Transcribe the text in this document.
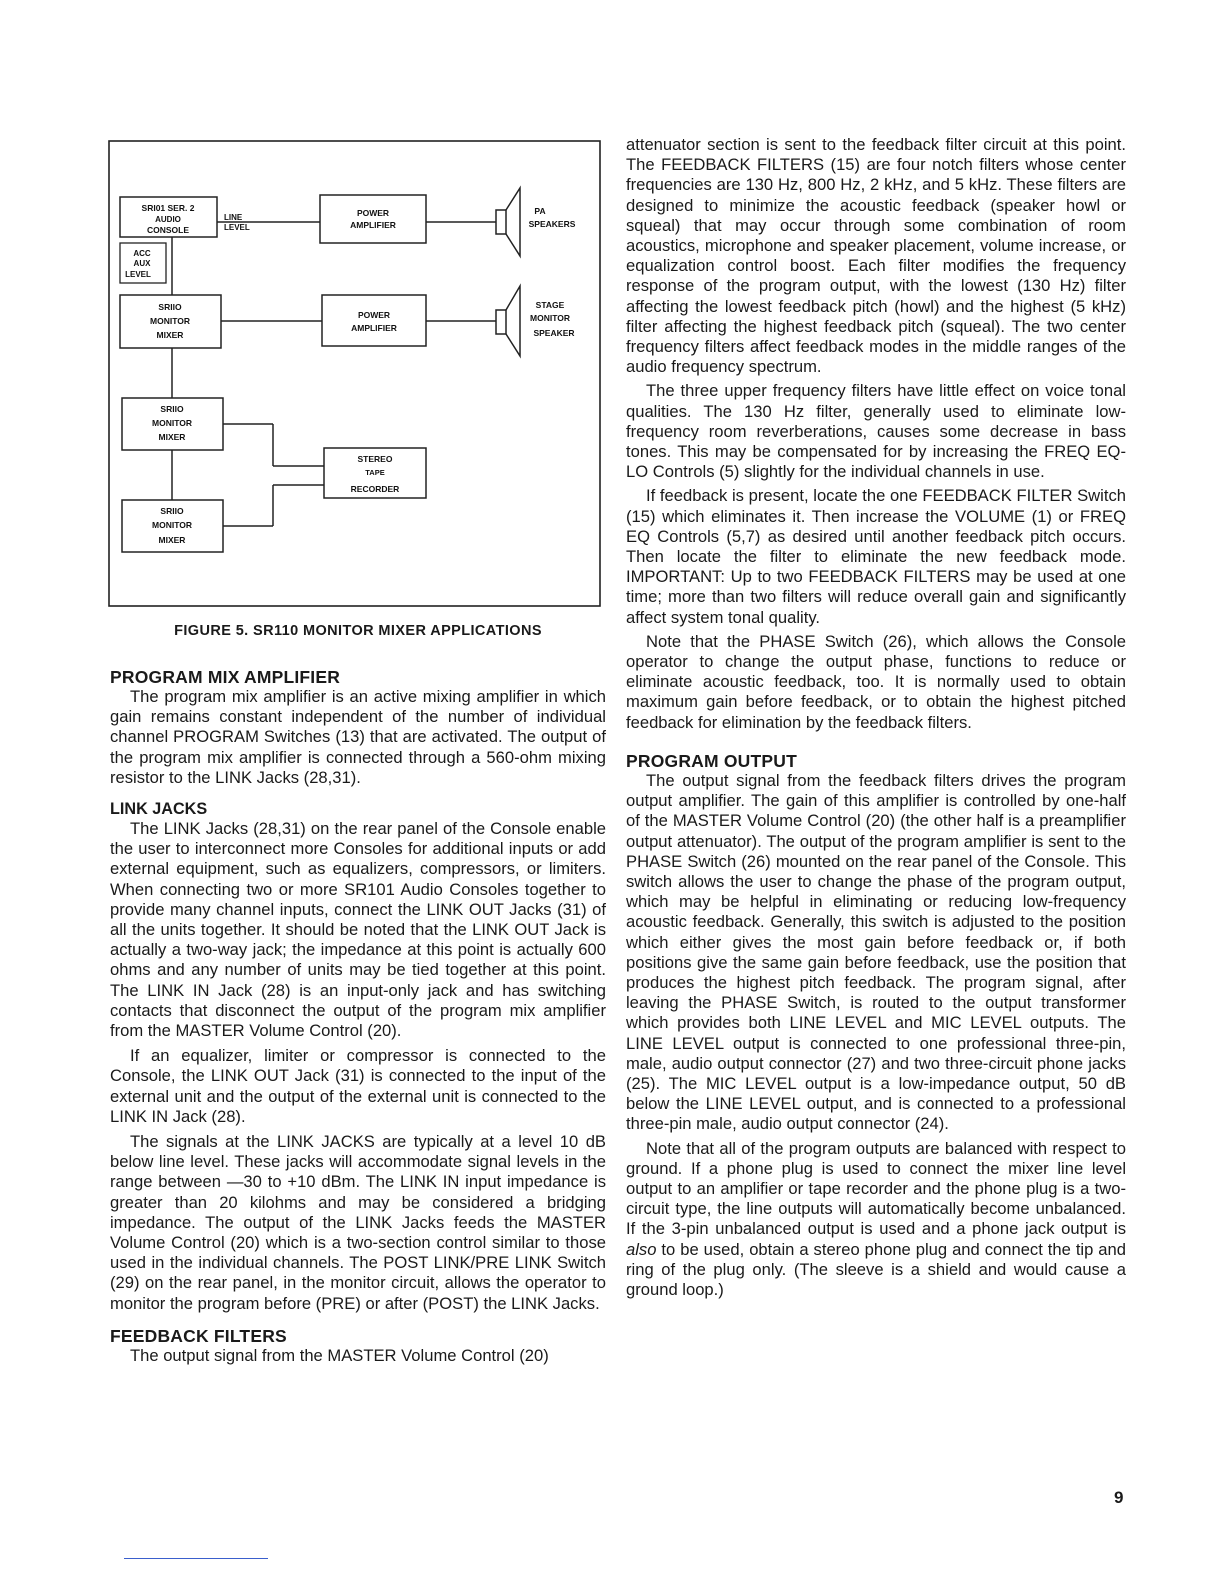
SRI01 SER. 2
AUDIO
CONSOLE
LINE
LEVEL
POWER
AMPLIFIER
PA
SPEAKERS
ACC
AUX
LEVEL
SRIIO
MONITOR
MIXER
POWER
AMPLIFIER
STAGE
MONITOR
SPEAKER
SRIIO
MONITOR
MIXER
STEREO
TAPE
RECORDER
SRIIO
MONITOR
MIXER
FIGURE 5. SR110 MONITOR MIXER APPLICATIONS
PROGRAM MIX AMPLIFIER

The program mix amplifier is an active mixing amplifier in which gain remains constant independent of the number of individual channel PROGRAM Switches (13) that are activated. The output of the program mix amplifier is connected through a 560-ohm mixing resistor to the LINK Jacks (28,31).

LINK JACKS

The LINK Jacks (28,31) on the rear panel of the Console enable the user to interconnect more Consoles for additional inputs or add external equipment, such as equalizers, compressors, or limiters. When connecting two or more SR101 Audio Consoles together to provide many channel inputs, connect the LINK OUT Jacks (31) of all the units together. It should be noted that the LINK OUT Jack is actually a two-way jack; the impedance at this point is actually 600 ohms and any number of units may be tied together at this point. The LINK IN Jack (28) is an input-only jack and has switching contacts that disconnect the output of the program mix amplifier from the MASTER Volume Control (20).

If an equalizer, limiter or compressor is connected to the Console, the LINK OUT Jack (31) is connected to the input of the external unit and the output of the external unit is connected to the LINK IN Jack (28).

The signals at the LINK JACKS are typically at a level 10 dB below line level. These jacks will accommodate signal levels in the range between —30 to +10 dBm. The LINK IN input impedance is greater than 20 kilohms and may be considered a bridging impedance. The output of the LINK Jacks feeds the MASTER Volume Control (20) which is a two-section control similar to those used in the individual channels. The POST LINK/PRE LINK Switch (29) on the rear panel, in the monitor circuit, allows the operator to monitor the program before (PRE) or after (POST) the LINK Jacks.

FEEDBACK FILTERS

The output signal from the MASTER Volume Control (20)

attenuator section is sent to the feedback filter circuit at this point. The FEEDBACK FILTERS (15) are four notch filters whose center frequencies are 130 Hz, 800 Hz, 2 kHz, and 5 kHz. These filters are designed to minimize the acoustic feedback (speaker howl or squeal) that may occur through some combination of room acoustics, microphone and speaker placement, volume increase, or equalization control boost. Each filter modifies the frequency response of the program output, with the lowest (130 Hz) filter affecting the lowest feedback pitch (howl) and the highest (5 kHz) filter affecting the highest feedback pitch (squeal). The two center frequency filters affect feedback modes in the middle ranges of the audio frequency spectrum.

The three upper frequency filters have little effect on voice tonal qualities. The 130 Hz filter, generally used to eliminate low-frequency room reverberations, causes some decrease in bass tones. This may be compensated for by increasing the FREQ EQ-LO Controls (5) slightly for the individual channels in use.

If feedback is present, locate the one FEEDBACK FILTER Switch (15) which eliminates it. Then increase the VOLUME (1) or FREQ EQ Controls (5,7) as desired until another feedback pitch occurs. Then locate the filter to eliminate the new feedback mode. IMPORTANT: Up to two FEEDBACK FILTERS may be used at one time; more than two filters will reduce overall gain and significantly affect system tonal quality.

Note that the PHASE Switch (26), which allows the Console operator to change the output phase, functions to reduce or eliminate acoustic feedback, too. It is normally used to obtain maximum gain before feedback, or to obtain the highest pitched feedback for elimination by the feedback filters.

PROGRAM OUTPUT

The output signal from the feedback filters drives the program output amplifier. The gain of this amplifier is controlled by one-half of the MASTER Volume Control (20) (the other half is a preamplifier output attenuator). The output of the program amplifier is sent to the PHASE Switch (26) mounted on the rear panel of the Console. This switch allows the user to change the phase of the program output, which may be helpful in eliminating or reducing low-frequency acoustic feedback. Generally, this switch is adjusted to the position which either gives the most gain before feedback or, if both positions give the same gain before feedback, use the position that produces the highest pitch feedback. The program signal, after leaving the PHASE Switch, is routed to the output transformer which provides both LINE LEVEL and MIC LEVEL outputs. The LINE LEVEL output is connected to one professional three-pin, male, audio output connector (27) and two three-circuit phone jacks (25). The MIC LEVEL output is a low-impedance output, 50 dB below the LINE LEVEL output, and is connected to a professional three-pin male, audio output connector (24).

Note that all of the program outputs are balanced with respect to ground. If a phone plug is used to connect the mixer line level output to an amplifier or tape recorder and the phone plug is a two-circuit type, the line outputs will automatically become unbalanced. If the 3-pin unbalanced output is used and a phone jack output is also to be used, obtain a stereo phone plug and connect the tip and ring of the plug only. (The sleeve is a shield and would cause a ground loop.)

9
